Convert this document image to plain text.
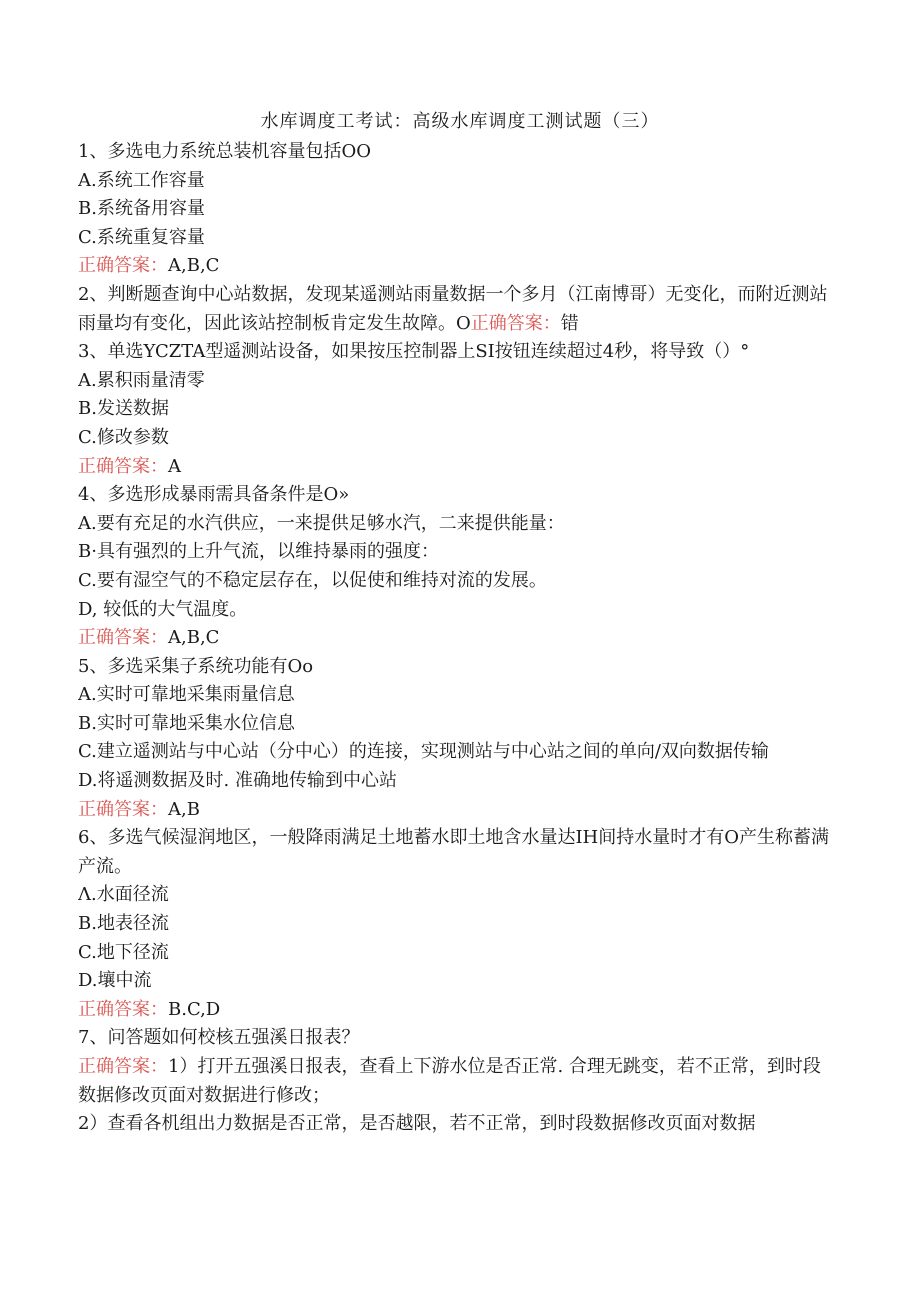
水库调度工考试：高级水库调度工测试题（三）
1、多选电力系统总装机容量包括OO
A.系统工作容量
B.系统备用容量
C.系统重复容量
正确答案：A,B,C
2、判断题查询中心站数据，发现某遥测站雨量数据一个多月（江南博哥）无变化，而附近测站雨量均有变化，因此该站控制板肯定发生故障。O正确答案：错
3、单选YCZTA型遥测站设备，如果按压控制器上SI按钮连续超过4秒，将导致（）°
A.累积雨量清零
B.发送数据
C.修改参数
正确答案：A
4、多选形成暴雨需具备条件是O»
A.要有充足的水汽供应，一来提供足够水汽，二来提供能量：
B·具有强烈的上升气流，以维持暴雨的强度：
C.要有湿空气的不稳定层存在，以促使和维持对流的发展。
D, 较低的大气温度。
正确答案：A,B,C
5、多选采集子系统功能有Oo
A.实时可靠地采集雨量信息
B.实时可靠地采集水位信息
C.建立遥测站与中心站（分中心）的连接，实现测站与中心站之间的单向/双向数据传输
D.将遥测数据及时. 准确地传输到中心站
正确答案：A,B
6、多选气候湿润地区，一般降雨满足土地蓄水即土地含水量达IH间持水量时才有O产生称蓄满产流。
Λ.水面径流
B.地表径流
C.地下径流
D.壤中流
正确答案：B.C,D
7、问答题如何校核五强溪日报表？
正确答案：1）打开五强溪日报表，查看上下游水位是否正常. 合理无跳变，若不正常，到时段数据修改页面对数据进行修改；
2）查看各机组出力数据是否正常，是否越限，若不正常，到时段数据修改页面对数据
